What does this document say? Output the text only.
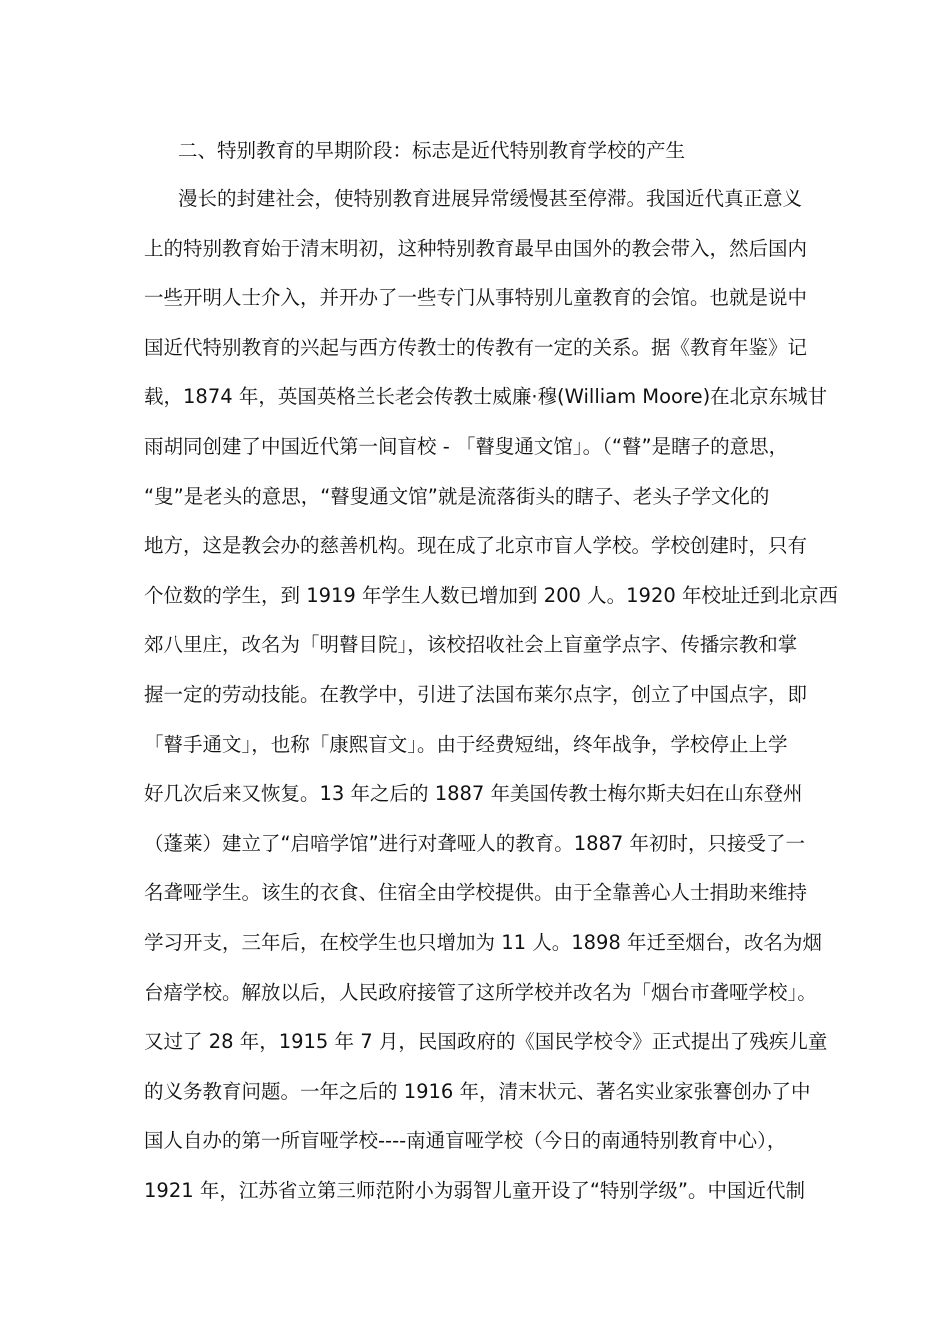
二、特别教育的早期阶段：标志是近代特别教育学校的产生
漫长的封建社会，使特别教育进展异常缓慢甚至停滞。我国近代真正意义
上的特别教育始于清末明初，这种特别教育最早由国外的教会带入，然后国内
一些开明人士介入，并开办了一些专门从事特别儿童教育的会馆。也就是说中
国近代特别教育的兴起与西方传教士的传教有一定的关系。据《教育年鉴》记
载，1874 年，英国英格兰长老会传教士威廉·穆(William Moore)在北京东城甘
雨胡同创建了中国近代第一间盲校 - 「瞽叟通文馆」。（“瞽”是瞎子的意思，
“叟”是老头的意思，“瞽叟通文馆”就是流落街头的瞎子、老头子学文化的
地方，这是教会办的慈善机构。现在成了北京市盲人学校。学校创建时，只有
个位数的学生，到 1919 年学生人数已增加到 200 人。1920 年校址迁到北京西
郊八里庄，改名为「明瞽目院」，该校招收社会上盲童学点字、传播宗教和掌
握一定的劳动技能。在教学中，引进了法国布莱尔点字，创立了中国点字，即
「瞽手通文」，也称「康熙盲文」。由于经费短绌，终年战争，学校停止上学
好几次后来又恢复。13 年之后的 1887 年美国传教士梅尔斯夫妇在山东登州
（蓬莱）建立了“启喑学馆”进行对聋哑人的教育。1887 年初时，只接受了一
名聋哑学生。该生的衣食、住宿全由学校提供。由于全靠善心人士捐助来维持
学习开支，三年后，在校学生也只增加为 11 人。1898 年迁至烟台，改名为烟
台瘖学校。解放以后，人民政府接管了这所学校并改名为「烟台市聋哑学校」。
又过了 28 年，1915 年 7 月，民国政府的《国民学校令》正式提出了残疾儿童
的义务教育问题。一年之后的 1916 年，清末状元、著名实业家张謇创办了中
国人自办的第一所盲哑学校----南通盲哑学校（今日的南通特别教育中心），
1921 年，江苏省立第三师范附小为弱智儿童开设了“特别学级”。中国近代制
